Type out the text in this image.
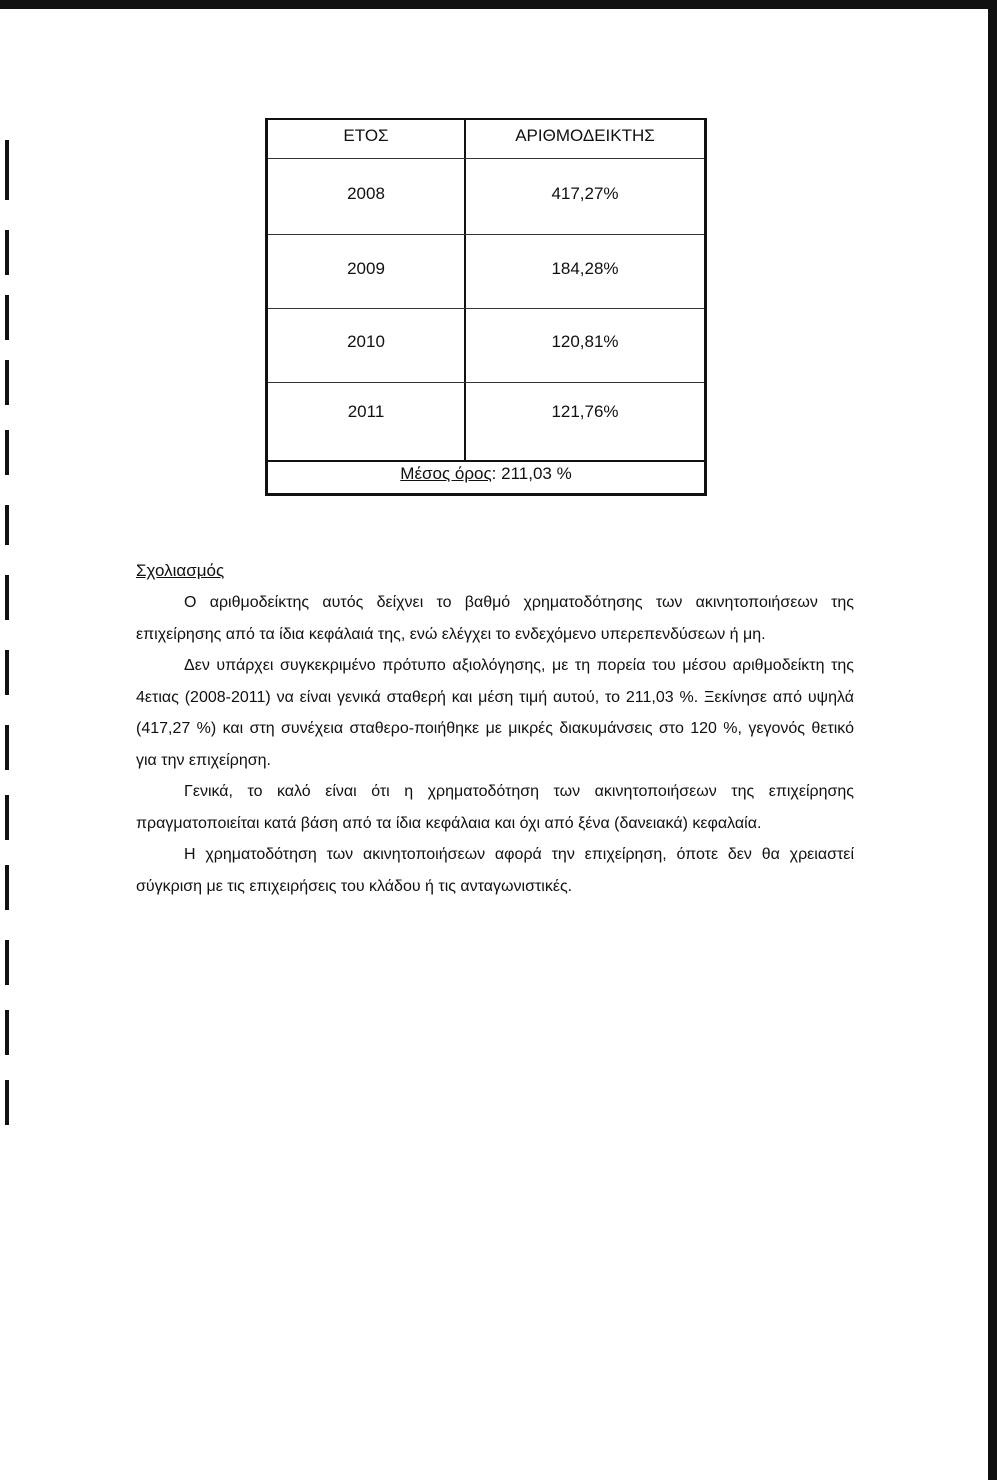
ΕΤΟΣ	ΑΡΙΘΜΟΔΕΙΚΤΗΣ
2008	417,27%
2009	184,28%
2010	120,81%
2011	121,76%
Μέσος όρος: 211,03 %
Σχολιασμός

Ο αριθμοδείκτης αυτός δείχνει το βαθμό χρηματοδότησης των ακινητοποιήσεων της επιχείρησης από τα ίδια κεφάλαιά της, ενώ ελέγχει το ενδεχόμενο υπερεπενδύσεων ή μη.

Δεν υπάρχει συγκεκριμένο πρότυπο αξιολόγησης, με τη πορεία του μέσου αριθμοδείκτη της 4ετιας (2008-2011) να είναι γενικά σταθερή και μέση τιμή αυτού, το 211,03 %. Ξεκίνησε από υψηλά (417,27 %) και στη συνέχεια σταθερο-ποιήθηκε με μικρές διακυμάνσεις στο 120 %, γεγονός θετικό για την επιχείρηση.

Γενικά, το καλό είναι ότι η χρηματοδότηση των ακινητοποιήσεων της επιχείρησης πραγματοποιείται κατά βάση από τα ίδια κεφάλαια και όχι από ξένα (δανειακά) κεφαλαία.

Η χρηματοδότηση των ακινητοποιήσεων αφορά την επιχείρηση, όποτε δεν θα χρειαστεί σύγκριση με τις επιχειρήσεις του κλάδου ή τις ανταγωνιστικές.
